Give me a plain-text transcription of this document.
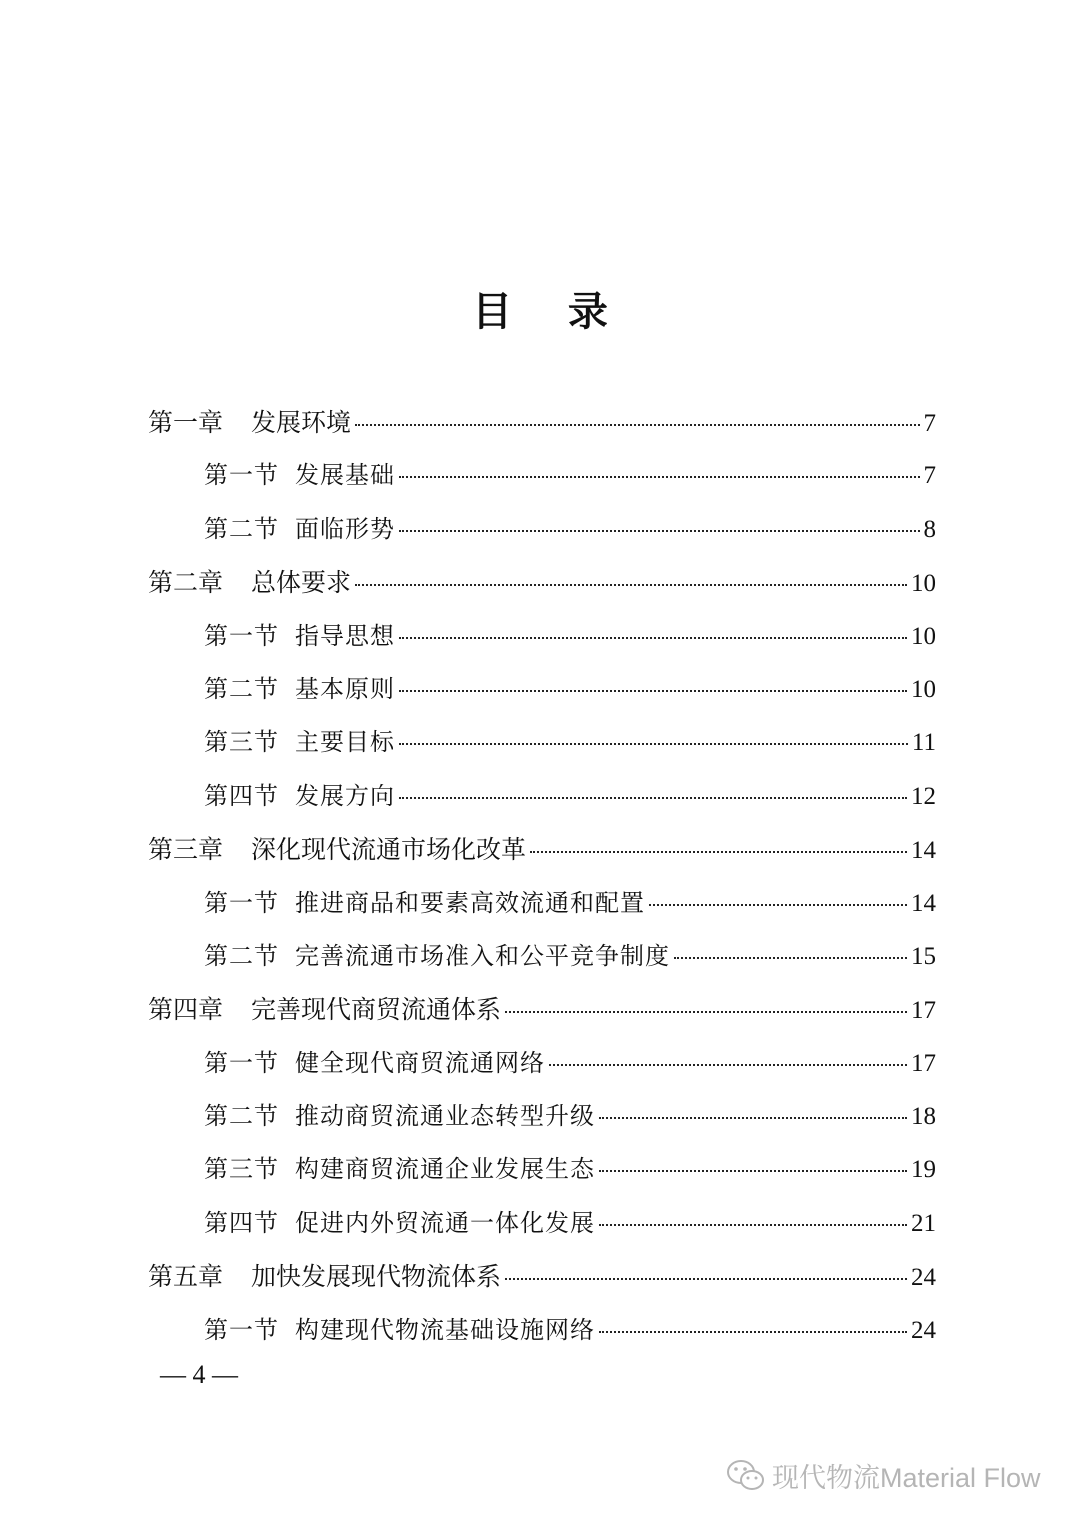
目    录
第一章 发展环境	7
第一节 发展基础	7
第二节 面临形势	8
第二章 总体要求	10
第一节 指导思想	10
第二节 基本原则	10
第三节 主要目标	11
第四节 发展方向	12
第三章 深化现代流通市场化改革	14
第一节 推进商品和要素高效流通和配置	14
第二节 完善流通市场准入和公平竞争制度	15
第四章 完善现代商贸流通体系	17
第一节 健全现代商贸流通网络	17
第二节 推动商贸流通业态转型升级	18
第三节 构建商贸流通企业发展生态	19
第四节 促进内外贸流通一体化发展	21
第五章 加快发展现代物流体系	24
第一节 构建现代物流基础设施网络	24
— 4 —
现代物流Material Flow
